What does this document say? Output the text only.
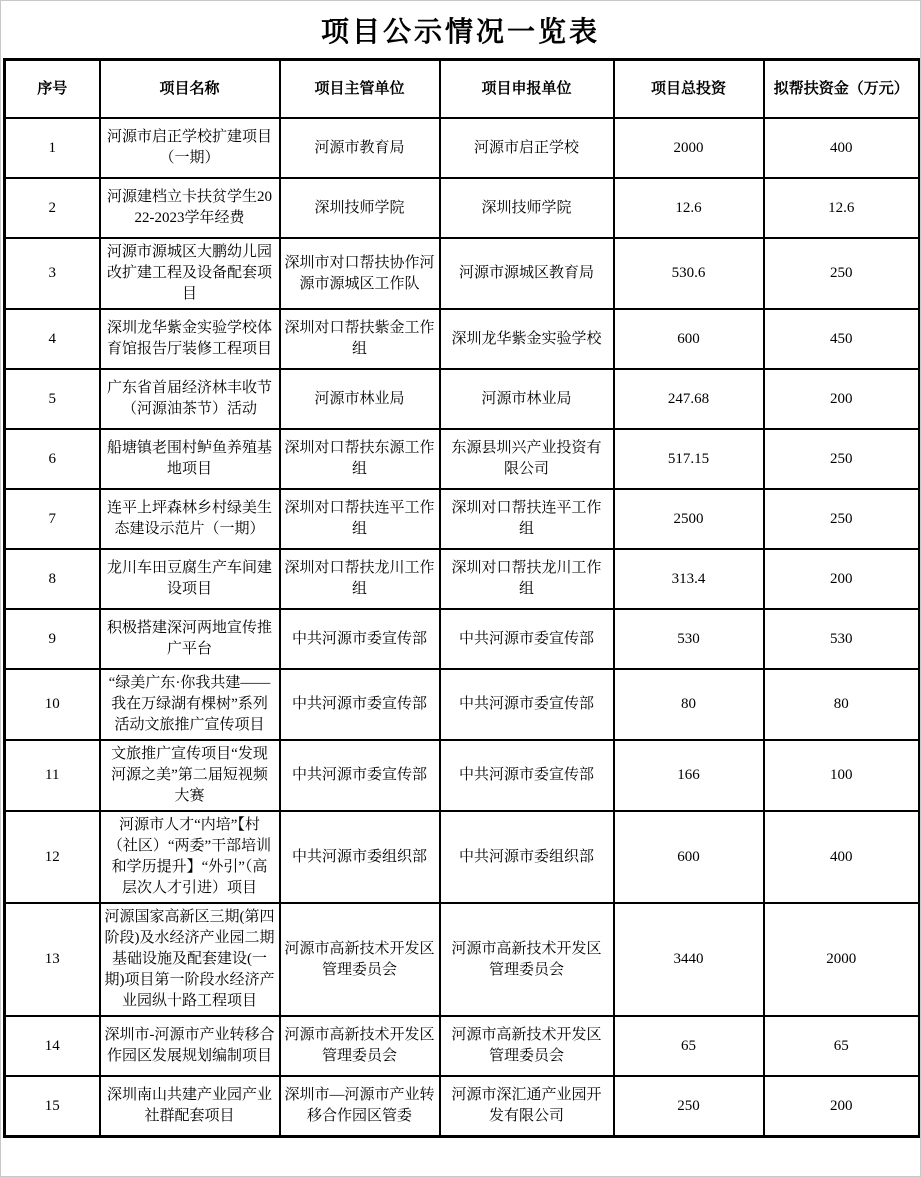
项目公示情况一览表
序号	项目名称	项目主管单位	项目申报单位	项目总投资	拟帮扶资金（万元）
1	河源市启正学校扩建项目（一期）	河源市教育局	河源市启正学校	2000	400
2	河源建档立卡扶贫学生2022-2023学年经费	深圳技师学院	深圳技师学院	12.6	12.6
3	河源市源城区大鹏幼儿园改扩建工程及设备配套项目	深圳市对口帮扶协作河源市源城区工作队	河源市源城区教育局	530.6	250
4	深圳龙华紫金实验学校体育馆报告厅装修工程项目	深圳对口帮扶紫金工作组	深圳龙华紫金实验学校	600	450
5	广东省首届经济林丰收节（河源油茶节）活动	河源市林业局	河源市林业局	247.68	200
6	船塘镇老围村鲈鱼养殖基地项目	深圳对口帮扶东源工作组	东源县圳兴产业投资有限公司	517.15	250
7	连平上坪森林乡村绿美生态建设示范片（一期）	深圳对口帮扶连平工作组	深圳对口帮扶连平工作组	2500	250
8	龙川车田豆腐生产车间建设项目	深圳对口帮扶龙川工作组	深圳对口帮扶龙川工作组	313.4	200
9	积极搭建深河两地宣传推广平台	中共河源市委宣传部	中共河源市委宣传部	530	530
10	“绿美广东·你我共建——我在万绿湖有棵树”系列活动文旅推广宣传项目	中共河源市委宣传部	中共河源市委宣传部	80	80
11	文旅推广宣传项目“发现河源之美”第二届短视频大赛	中共河源市委宣传部	中共河源市委宣传部	166	100
12	河源市人才“内培”【村（社区）“两委”干部培训和学历提升】“外引”（高层次人才引进）项目	中共河源市委组织部	中共河源市委组织部	600	400
13	河源国家高新区三期(第四阶段)及水经济产业园二期基础设施及配套建设(一期)项目第一阶段水经济产业园纵十路工程项目	河源市高新技术开发区管理委员会	河源市高新技术开发区管理委员会	3440	2000
14	深圳市-河源市产业转移合作园区发展规划编制项目	河源市高新技术开发区管理委员会	河源市高新技术开发区管理委员会	65	65
15	深圳南山共建产业园产业社群配套项目	深圳市—河源市产业转移合作园区管委	河源市深汇通产业园开发有限公司	250	200
